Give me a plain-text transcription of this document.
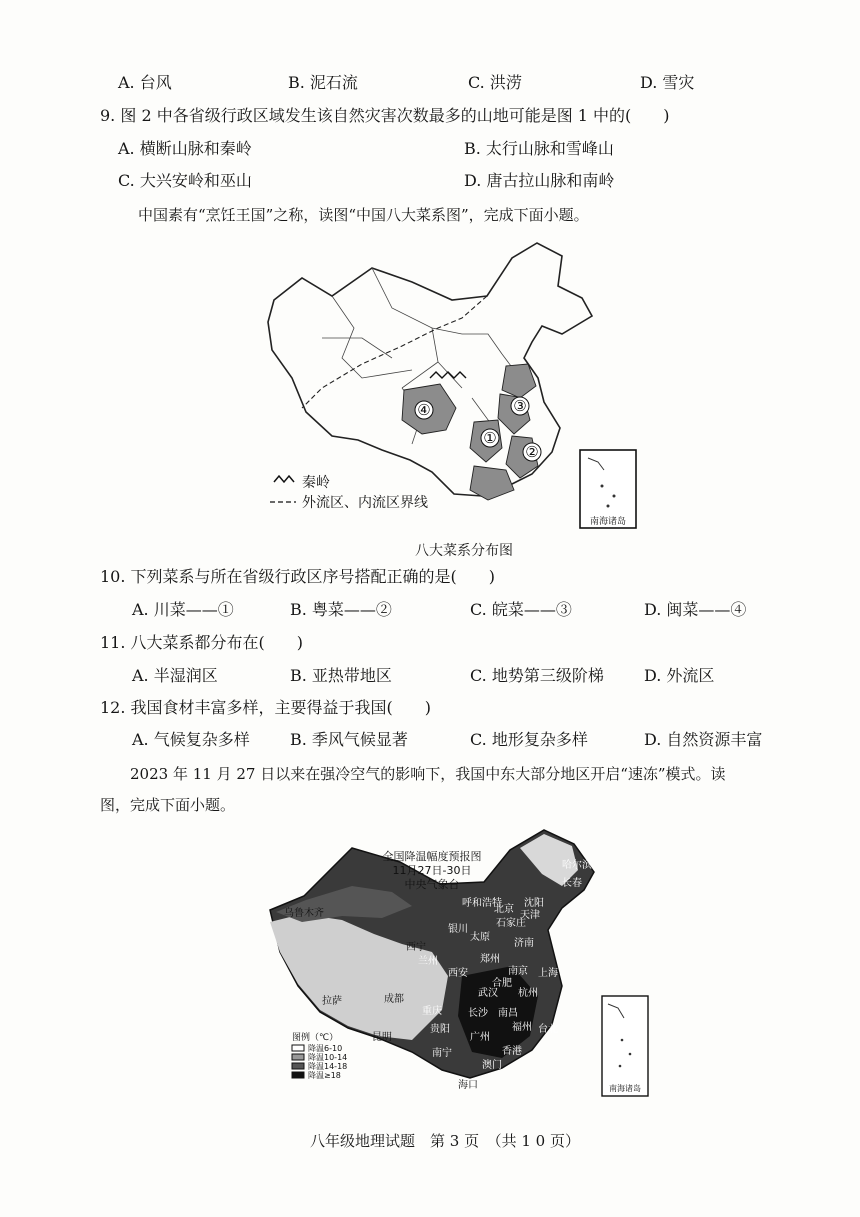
A. 台风	B. 泥石流	C. 洪涝	D. 雪灾
9. 图 2 中各省级行政区域发生该自然灾害次数最多的山地可能是图 1 中的(　　)
A. 横断山脉和秦岭	B. 太行山脉和雪峰山
C. 大兴安岭和巫山	D. 唐古拉山脉和南岭
中国素有“烹饪王国”之称，读图“中国八大菜系图”，完成下面小题。
④	③
①
②
秦岭
外流区、内流区界线
南海诸岛
八大菜系分布图
10. 下列菜系与所在省级行政区序号搭配正确的是(　　)
A. 川菜——①	B. 粤菜——②	C. 皖菜——③	D. 闽菜——④
11. 八大菜系都分布在(　　)
A. 半湿润区	B. 亚热带地区	C. 地势第三级阶梯	D. 外流区
12. 我国食材丰富多样，主要得益于我国(　　)
A. 气候复杂多样	B. 季风气候显著	C. 地形复杂多样	D. 自然资源丰富
2023 年 11 月 27 日以来在强冷空气的影响下，我国中东大部分地区开启“速冻”模式。读
图，完成下面小题。
全国降温幅度预报图
11月27日-30日
中央气象台
乌鲁木齐
哈尔滨
长春
呼和浩特
北京
沈阳
天津
石家庄
银川
太原
西宁	济南
兰州	郑州
西安	南京 上海
合肥
武汉 杭州
拉萨	成都
重庆	长沙 南昌
福州 台北
昆明
贵阳
广州
南宁	香港
澳门
海口
图例（℃）
降温6-10
降温10-14
降温14-18
降温≥18
南海诸岛
八年级地理试题　第 3 页　（共 1 0 页）
